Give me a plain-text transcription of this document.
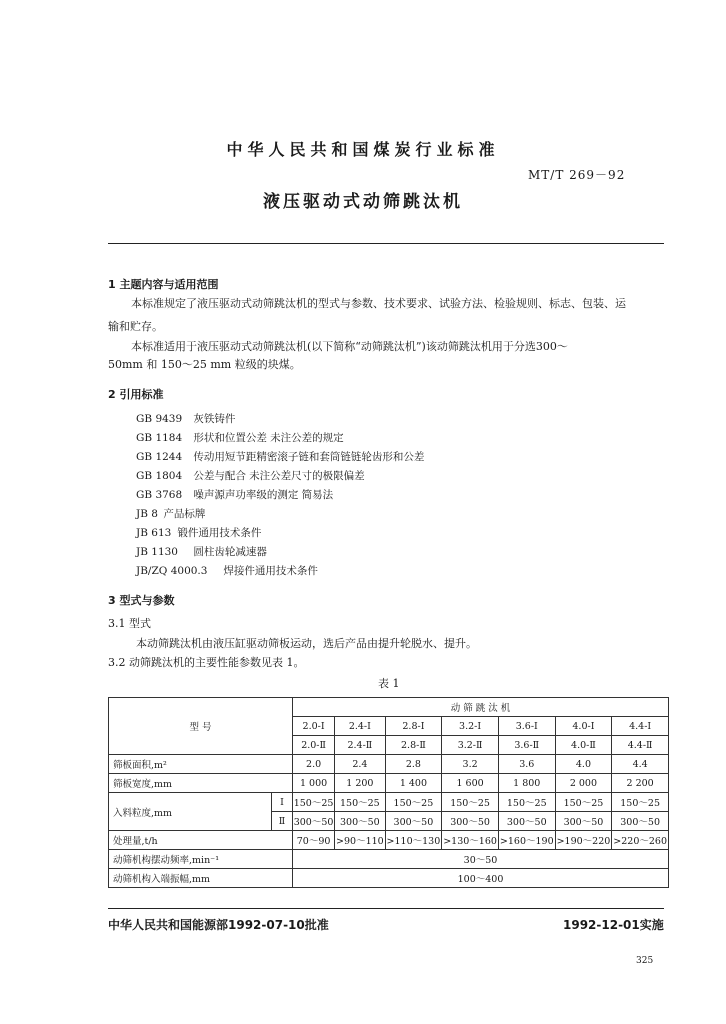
中华人民共和国煤炭行业标准
MT/T 269－92
液压驱动式动筛跳汰机
1 主题内容与适用范围
本标准规定了液压驱动式动筛跳汰机的型式与参数、技术要求、试验方法、检验规则、标志、包装、运
输和贮存。
本标准适用于液压驱动式动筛跳汰机(以下简称“动筛跳汰机”)该动筛跳汰机用于分选300～
50mm 和 150～25 mm 粒级的块煤。
2 引用标准
GB 9439 灰铁铸件
GB 1184 形状和位置公差 未注公差的规定
GB 1244 传动用短节距精密滚子链和套筒链链轮齿形和公差
GB 1804 公差与配合 未注公差尺寸的极限偏差
GB 3768 噪声源声功率级的测定 简易法
JB 8 产品标牌
JB 613 锻件通用技术条件
JB 1130 圆柱齿轮减速器
JB/ZQ 4000.3 焊接件通用技术条件
3 型式与参数
3.1 型式
本动筛跳汰机由液压缸驱动筛板运动，选后产品由提升轮脱水、提升。
3.2 动筛跳汰机的主要性能参数见表 1。
表 1
型 号		动 筛 跳 汰 机						
		2.0-Ⅰ	2.4-Ⅰ	2.8-Ⅰ	3.2-Ⅰ	3.6-Ⅰ	4.0-Ⅰ	4.4-Ⅰ
		2.0-Ⅱ	2.4-Ⅱ	2.8-Ⅱ	3.2-Ⅱ	3.6-Ⅱ	4.0-Ⅱ	4.4-Ⅱ
筛板面积,m²		2.0	2.4	2.8	3.2	3.6	4.0	4.4
筛板宽度,mm		1 000	1 200	1 400	1 600	1 800	2 000	2 200
入料粒度,mm	Ⅰ	150～25	150～25	150～25	150～25	150～25	150～25	150～25
	Ⅱ	300～50	300～50	300～50	300～50	300～50	300～50	300～50
处理量,t/h		70～90	>90～110	>110～130	>130～160	>160～190	>190～220	>220～260
动筛机构摆动频率,min⁻¹		30～50						
动筛机构入端振幅,mm		100～400						
中华人民共和国能源部1992-07-10批准	1992-12-01实施
325
